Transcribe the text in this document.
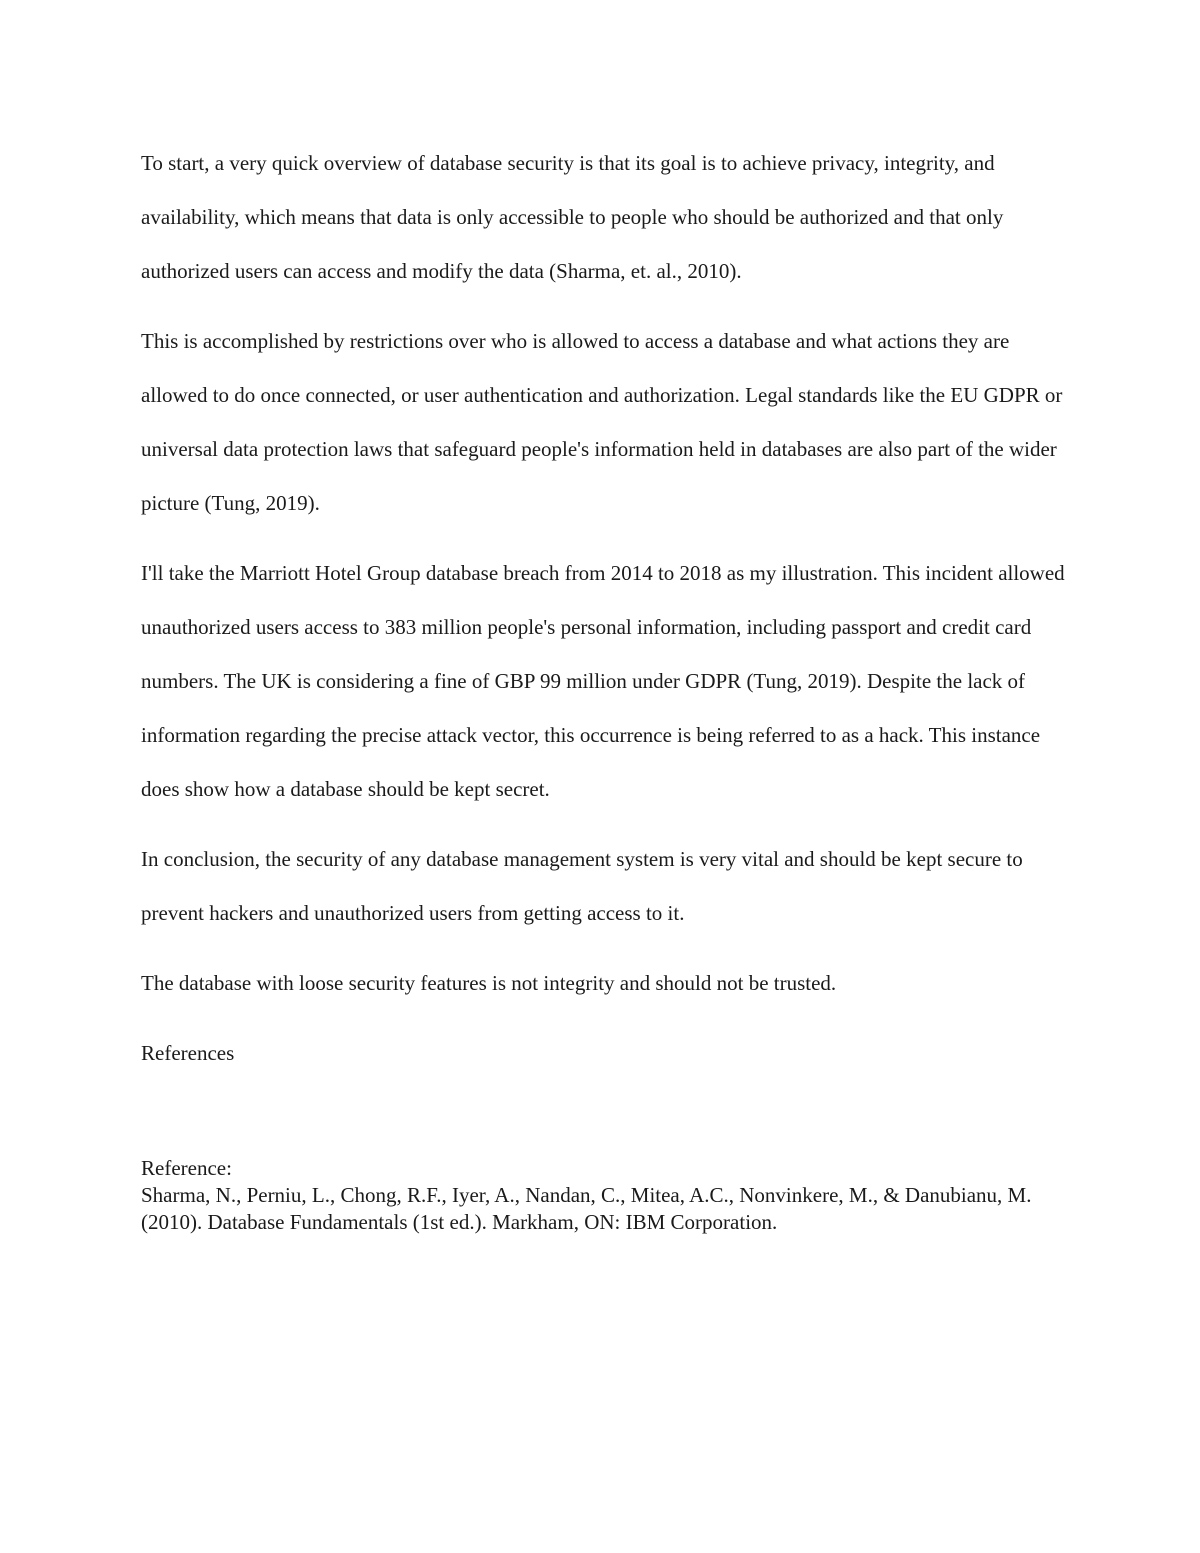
To start, a very quick overview of database security is that its goal is to achieve privacy, integrity, and availability, which means that data is only accessible to people who should be authorized and that only authorized users can access and modify the data (Sharma, et. al., 2010).

This is accomplished by restrictions over who is allowed to access a database and what actions they are allowed to do once connected, or user authentication and authorization. Legal standards like the EU GDPR or universal data protection laws that safeguard people's information held in databases are also part of the wider picture (Tung, 2019).

I'll take the Marriott Hotel Group database breach from 2014 to 2018 as my illustration. This incident allowed unauthorized users access to 383 million people's personal information, including passport and credit card numbers. The UK is considering a fine of GBP 99 million under GDPR (Tung, 2019). Despite the lack of information regarding the precise attack vector, this occurrence is being referred to as a hack. This instance does show how a database should be kept secret.

In conclusion, the security of any database management system is very vital and should be kept secure to prevent hackers and unauthorized users from getting access to it.

The database with loose security features is not integrity and should not be trusted.

References

Reference:

Sharma, N., Perniu, L., Chong, R.F., Iyer, A., Nandan, C., Mitea, A.C., Nonvinkere, M., & Danubianu, M. (2010). Database Fundamentals (1st ed.). Markham, ON: IBM Corporation.
